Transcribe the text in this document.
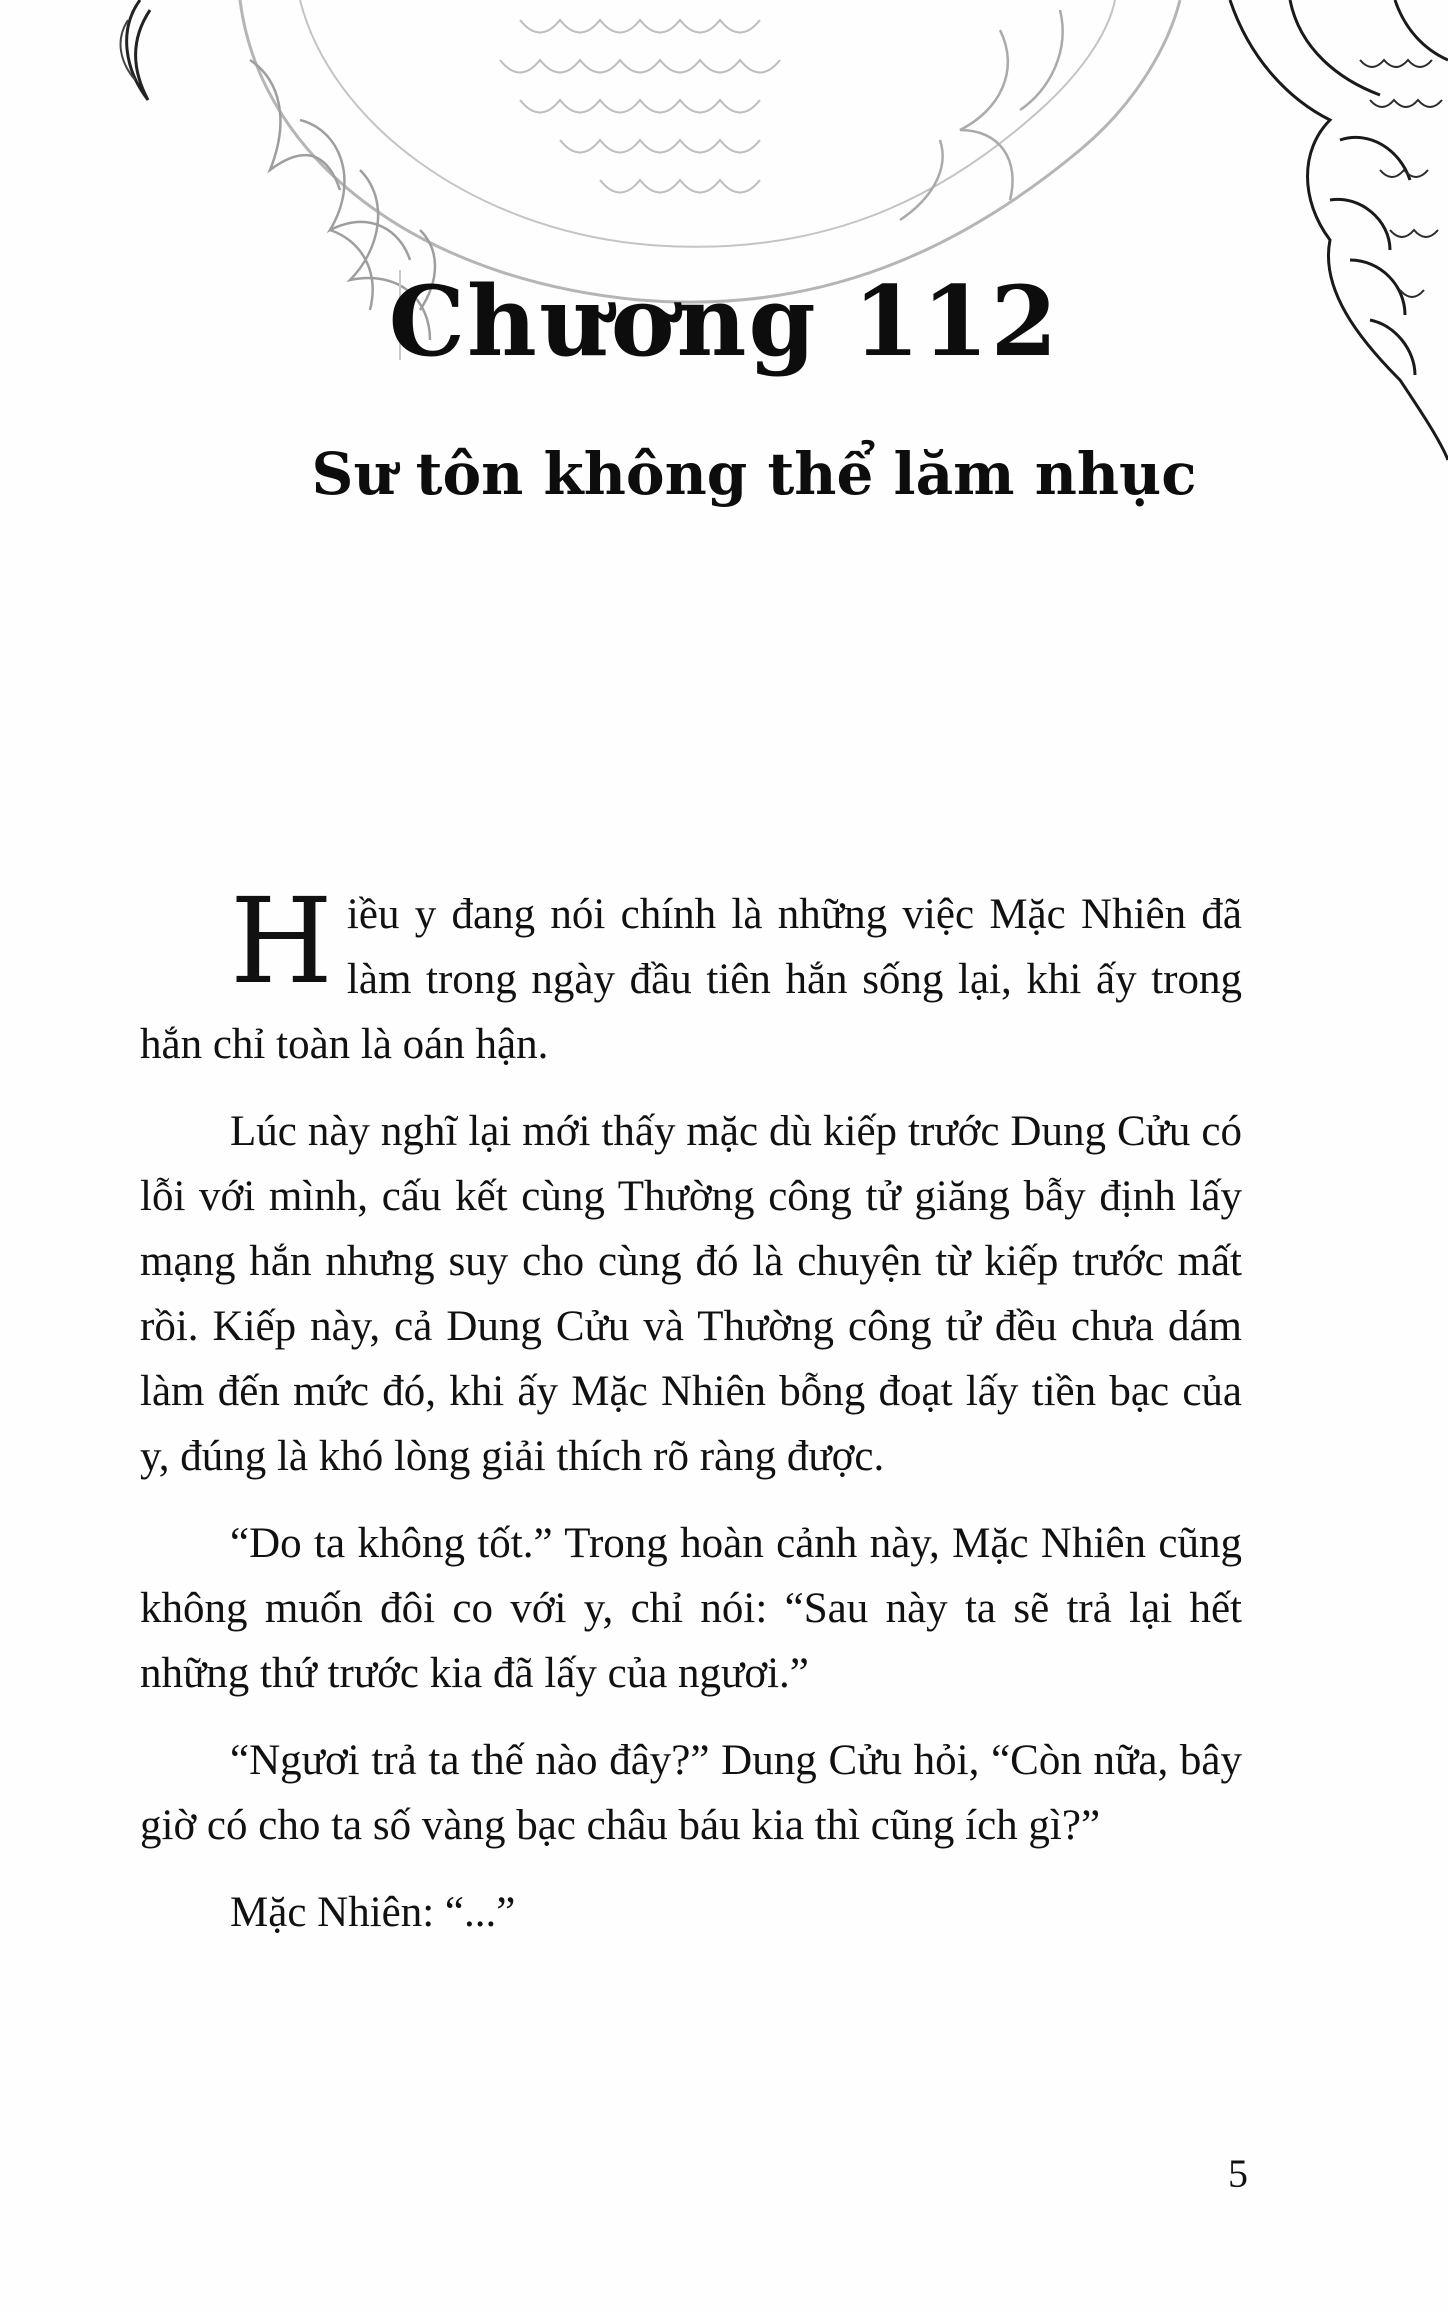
Chương 112
Sư tôn không thể lăm nhục

Hiều y đang nói chính là những việc Mặc Nhiên đã làm trong ngày đầu tiên hắn sống lại, khi ấy trong hắn chỉ toàn là oán hận.

Lúc này nghĩ lại mới thấy mặc dù kiếp trước Dung Cửu có lỗi với mình, cấu kết cùng Thường công tử giăng bẫy định lấy mạng hắn nhưng suy cho cùng đó là chuyện từ kiếp trước mất rồi. Kiếp này, cả Dung Cửu và Thường công tử đều chưa dám làm đến mức đó, khi ấy Mặc Nhiên bỗng đoạt lấy tiền bạc của y, đúng là khó lòng giải thích rõ ràng được.

“Do ta không tốt.” Trong hoàn cảnh này, Mặc Nhiên cũng không muốn đôi co với y, chỉ nói: “Sau này ta sẽ trả lại hết những thứ trước kia đã lấy của ngươi.”

“Ngươi trả ta thế nào đây?” Dung Cửu hỏi, “Còn nữa, bây giờ có cho ta số vàng bạc châu báu kia thì cũng ích gì?”

Mặc Nhiên: “...”

5
